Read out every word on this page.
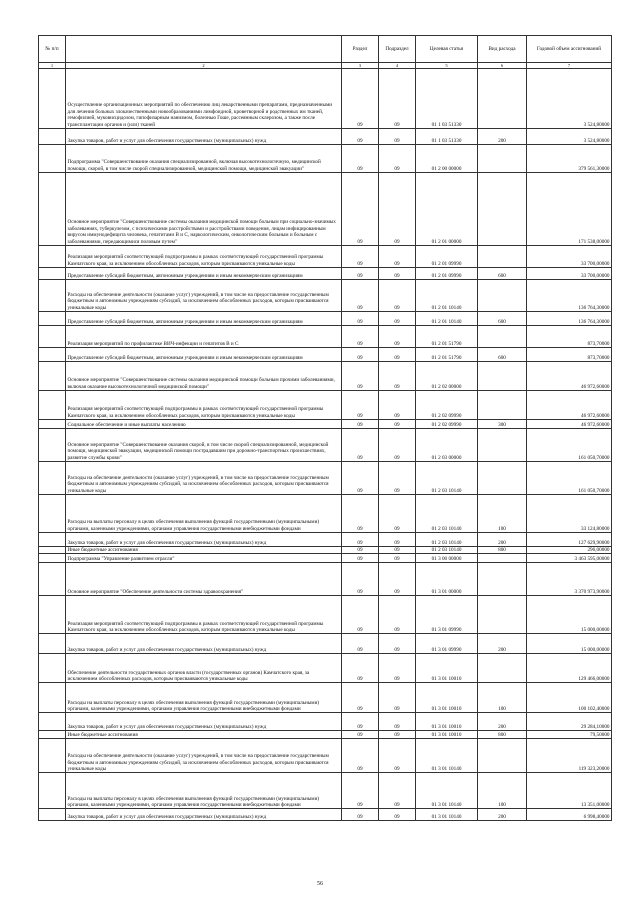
№ п/п		Раздел	Подраздел	Целевая статья	Вид расхода	Годовой объем ассигнований
1	2	3	4	5	6	7
	Осуществление организационных мероприятий по обеспечению лиц лекарственными препаратами, предназначенными для лечения больных злокачественными новообразованиями лимфоидной, кроветворной и родственных им тканей, гемофилией, муковисцидозом, гипофизарным нанизмом, болезнью Гоше, рассеянным склерозом, а также после трансплантации органов и (или) тканей	09	09	01 1 03 51330		3 524,80000
	Закупка товаров, работ и услуг для обеспечения государственных (муниципальных) нужд	09	09	01 1 03 51330	200	3 524,80000
	Подпрограмма "Совершенствование оказания специализированной, включая высокотехнологичную, медицинской помощи, скорой, в том числе скорой специализированной, медицинской помощи, медицинской эвакуации"	09	09	01 2 00 00000		379 561,30000
	Основное мероприятие "Совершенствование системы оказания медицинской помощи больным при социально-значимых заболеваниях, туберкулезом, с психическими расстройствами и расстройствами поведения, лицам инфицированным вирусом иммунодефицита человека, гепатитами В и С, наркологическим, онкологическим больным и больным с заболеваниями, передающимися половым путем"	09	09	01 2 01 00000		171 538,00000
	Реализация мероприятий соответствующей подпрограммы в рамках соответствующей государственной программы Камчатского края, за исключением обособленных расходов, которым присваиваются уникальные коды	09	09	01 2 01 09990		33 700,00000
	Предоставление субсидий бюджетным, автономным учреждениям и иным некоммерческим организациям	09	09	01 2 01 09990	600	33 700,00000
	Расходы на обеспечение деятельности (оказание услуг) учреждений, в том числе на предоставление государственным бюджетным и автономным учреждениям субсидий, за исключением обособленных расходов, которым присваиваются уникальные коды	09	09	01 2 01 10140		136 764,30000
	Предоставление субсидий бюджетным, автономным учреждениям и иным некоммерческим организациям	09	09	01 2 01 10140	600	136 764,30000
	Реализация мероприятий по профилактике ВИЧ-инфекции и гепатитов В и С	09	09	01 2 01 51790		873,70000
	Предоставление субсидий бюджетным, автономным учреждениям и иным некоммерческим организациям	09	09	01 2 01 51790	600	873,70000
	Основное мероприятие "Совершенствование системы оказания медицинской помощи больным прочими заболеваниями, включая оказание высокотехнологичной медицинской помощи"	09	09	01 2 02 00000		46 972,60000
	Реализация мероприятий соответствующей подпрограммы в рамках соответствующей государственной программы Камчатского края, за исключением обособленных расходов, которым присваиваются уникальные коды	09	09	01 2 02 09990		46 972,60000
	Социальное обеспечение и иные выплаты населению	09	09	01 2 02 09990	300	46 972,60000
	Основное мероприятие "Совершенствование оказания скорой, в том числе скорой специализированной, медицинской помощи, медицинской эвакуации, медицинской помощи пострадавшим при дорожно-транспортных происшествиях, развитие службы крови"	09	09	01 2 03 00000		161 050,70000
	Расходы на обеспечение деятельности (оказание услуг) учреждений, в том числе на предоставление государственным бюджетным и автономным учреждениям субсидий, за исключением обособленных расходов, которым присваиваются уникальные коды	09	09	01 2 03 10140		161 050,70000
	Расходы на выплаты персоналу в целях обеспечения выполнения функций государственными (муниципальными) органами, казенными учреждениями, органами управления государственными внебюджетными фондами	09	09	01 2 03 10140	100	33 124,80000
	Закупка товаров, работ и услуг для обеспечения государственных (муниципальных) нужд	09	09	01 2 03 10140	200	127 629,90000
	Иные бюджетные ассигнования	09	09	01 2 03 10140	800	296,00000
	Подпрограмма "Управление развитием отрасли"	09	09	01 3 00 00000		3 463 595,00000
	Основное мероприятие "Обеспечение деятельности системы здравоохранения"	09	09	01 3 01 00000		3 370 973,90000
	Реализация мероприятий соответствующей подпрограммы в рамках соответствующей государственной программы Камчатского края, за исключением обособленных расходов, которым присваиваются уникальные коды	09	09	01 3 01 09990		15 000,00000
	Закупка товаров, работ и услуг для обеспечения государственных (муниципальных) нужд	09	09	01 3 01 09990	200	15 000,00000
	Обеспечение деятельности государственных органов власти (государственных органов) Камчатского края, за исключением обособленных расходов, которым присваиваются уникальные коды	09	09	01 3 01 10010		129 466,00000
	Расходы на выплаты персоналу в целях обеспечения выполнения функций государственными (муниципальными) органами, казенными учреждениями, органами управления государственными внебюджетными фондами	09	09	01 3 01 10010	100	100 102,40000
	Закупка товаров, работ и услуг для обеспечения государственных (муниципальных) нужд	09	09	01 3 01 10010	200	29 284,10000
	Иные бюджетные ассигнования	09	09	01 3 01 10010	800	79,50000
	Расходы на обеспечение деятельности (оказание услуг) учреждений, в том числе на предоставление государственным бюджетным и автономным учреждениям субсидий, за исключением обособленных расходов, которым присваиваются уникальные коды	09	09	01 3 01 10140		119 323,20000
	Расходы на выплаты персоналу в целях обеспечения выполнения функций государственными (муниципальными) органами, казенными учреждениями, органами управления государственными внебюджетными фондами	09	09	01 3 01 10140	100	13 351,00000
	Закупка товаров, работ и услуг для обеспечения государственных (муниципальных) нужд	09	09	01 3 01 10140	200	6 998,40000
56
